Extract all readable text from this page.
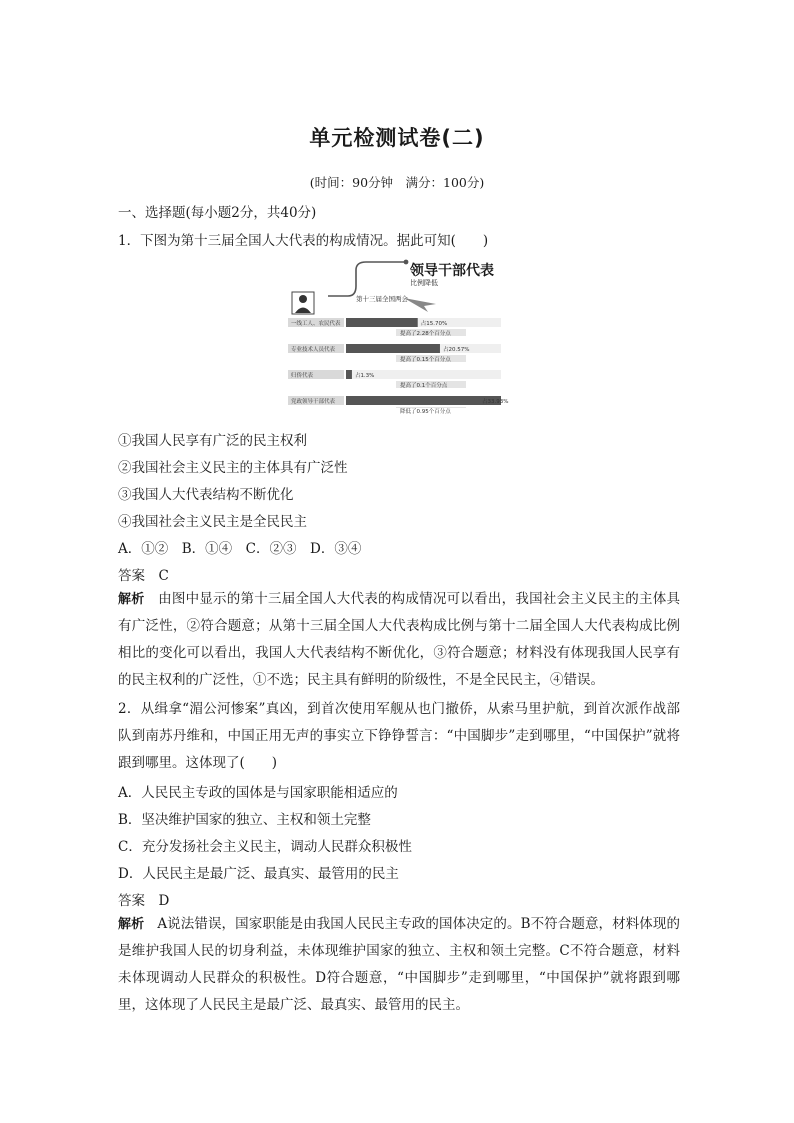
单元检测试卷(二)
(时间：90分钟　满分：100分)
一、选择题(每小题2分，共40分)
1．下图为第十三届全国人大代表的构成情况。据此可知(　　)
领导干部代表
比例降低
第十三届全国两会
一线工人、农民代表	占15.70%
提高了2.28个百分点
专业技术人员代表	占20.57%
提高了0.15个百分点
归侨代表	占1.3%
提高了0.1个百分点
党政领导干部代表	占33.93%
降低了0.95个百分点
①我国人民享有广泛的民主权利
②我国社会主义民主的主体具有广泛性
③我国人大代表结构不断优化
④我国社会主义民主是全民民主
A．①②　B．①④　C．②③　D．③④
答案　C
解析 由图中显示的第十三届全国人大代表的构成情况可以看出，我国社会主义民主的主体具有广泛性，②符合题意；从第十三届全国人大代表构成比例与第十二届全国人大代表构成比例相比的变化可以看出，我国人大代表结构不断优化，③符合题意；材料没有体现我国人民享有的民主权利的广泛性，①不选；民主具有鲜明的阶级性，不是全民民主，④错误。
2．从缉拿“湄公河惨案”真凶，到首次使用军舰从也门撤侨，从索马里护航，到首次派作战部队到南苏丹维和，中国正用无声的事实立下铮铮誓言：“中国脚步”走到哪里，“中国保护”就将跟到哪里。这体现了(　　)
A．人民民主专政的国体是与国家职能相适应的
B．坚决维护国家的独立、主权和领土完整
C．充分发扬社会主义民主，调动人民群众积极性
D．人民民主是最广泛、最真实、最管用的民主
答案　D
解析 A说法错误，国家职能是由我国人民民主专政的国体决定的。B不符合题意，材料体现的是维护我国人民的切身利益，未体现维护国家的独立、主权和领土完整。C不符合题意，材料未体现调动人民群众的积极性。D符合题意，“中国脚步”走到哪里，“中国保护”就将跟到哪里，这体现了人民民主是最广泛、最真实、最管用的民主。
